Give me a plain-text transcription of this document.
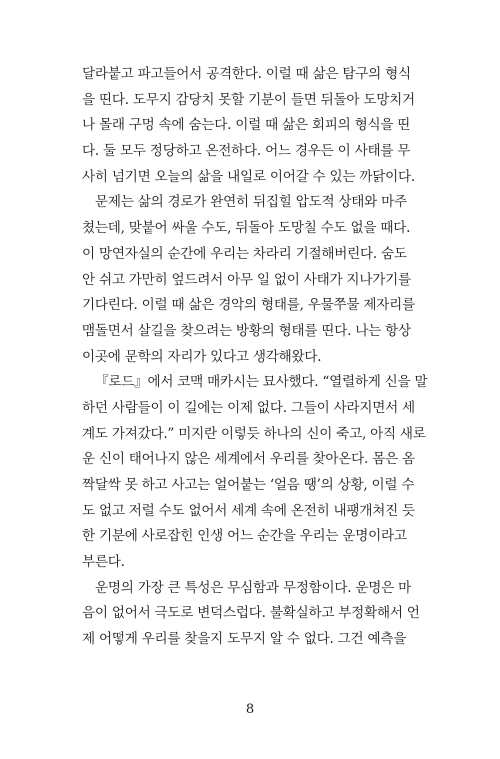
달라붙고 파고들어서 공격한다. 이럴 때 삶은 탐구의 형식
을 띤다. 도무지 감당치 못할 기분이 들면 뒤돌아 도망치거
나 몰래 구멍 속에 숨는다. 이럴 때 삶은 회피의 형식을 띤
다. 둘 모두 정당하고 온전하다. 어느 경우든 이 사태를 무
사히 넘기면 오늘의 삶을 내일로 이어갈 수 있는 까닭이다.
문제는 삶의 경로가 완연히 뒤집힐 압도적 상태와 마주
쳤는데, 맞붙어 싸울 수도, 뒤돌아 도망칠 수도 없을 때다.
이 망연자실의 순간에 우리는 차라리 기절해버린다. 숨도
안 쉬고 가만히 엎드려서 아무 일 없이 사태가 지나가기를
기다린다. 이럴 때 삶은 경악의 형태를, 우물쭈물 제자리를
맴돌면서 살길을 찾으려는 방황의 형태를 띤다. 나는 항상
이곳에 문학의 자리가 있다고 생각해왔다.
『로드』에서 코맥 매카시는 묘사했다. “열렬하게 신을 말
하던 사람들이 이 길에는 이제 없다. 그들이 사라지면서 세
계도 가져갔다.” 미지란 이렇듯 하나의 신이 죽고, 아직 새로
운 신이 태어나지 않은 세계에서 우리를 찾아온다. 몸은 옴
짝달싹 못 하고 사고는 얼어붙는 ‘얼음 땡’의 상황, 이럴 수
도 없고 저럴 수도 없어서 세계 속에 온전히 내팽개쳐진 듯
한 기분에 사로잡힌 인생 어느 순간을 우리는 운명이라고
부른다.
운명의 가장 큰 특성은 무심함과 무정함이다. 운명은 마
음이 없어서 극도로 변덕스럽다. 불확실하고 부정확해서 언
제 어떻게 우리를 찾을지 도무지 알 수 없다. 그건 예측을
8
